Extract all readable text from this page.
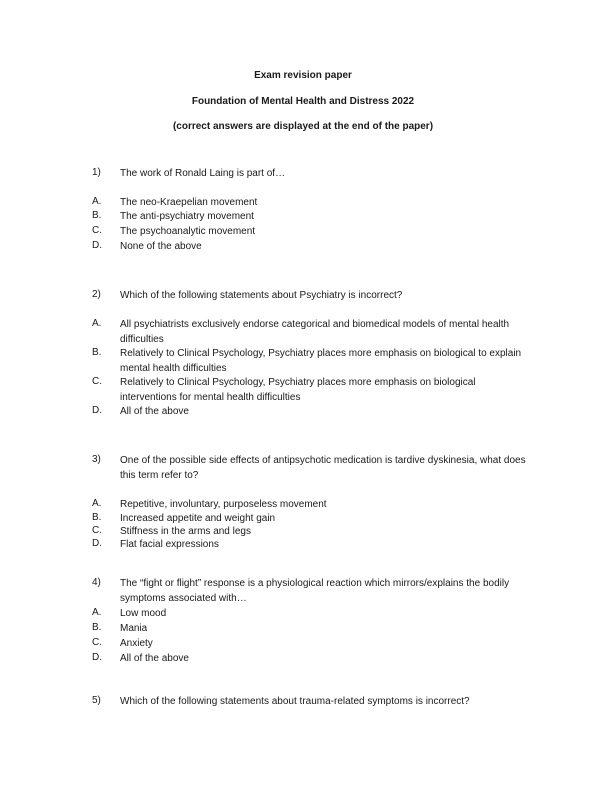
Exam revision paper
Foundation of Mental Health and Distress 2022
(correct answers are displayed at the end of the paper)
1) The work of Ronald Laing is part of…
A. The neo-Kraepelian movement
B. The anti-psychiatry movement
C. The psychoanalytic movement
D. None of the above
2) Which of the following statements about Psychiatry is incorrect?
A. All psychiatrists exclusively endorse categorical and biomedical models of mental health difficulties
B. Relatively to Clinical Psychology, Psychiatry places more emphasis on biological to explain mental health difficulties
C. Relatively to Clinical Psychology, Psychiatry places more emphasis on biological interventions for mental health difficulties
D. All of the above
3) One of the possible side effects of antipsychotic medication is tardive dyskinesia, what does this term refer to?
A. Repetitive, involuntary, purposeless movement
B. Increased appetite and weight gain
C. Stiffness in the arms and legs
D. Flat facial expressions
4) The “fight or flight” response is a physiological reaction which mirrors/explains the bodily symptoms associated with…
A. Low mood
B. Mania
C. Anxiety
D. All of the above
5) Which of the following statements about trauma-related symptoms is incorrect?
